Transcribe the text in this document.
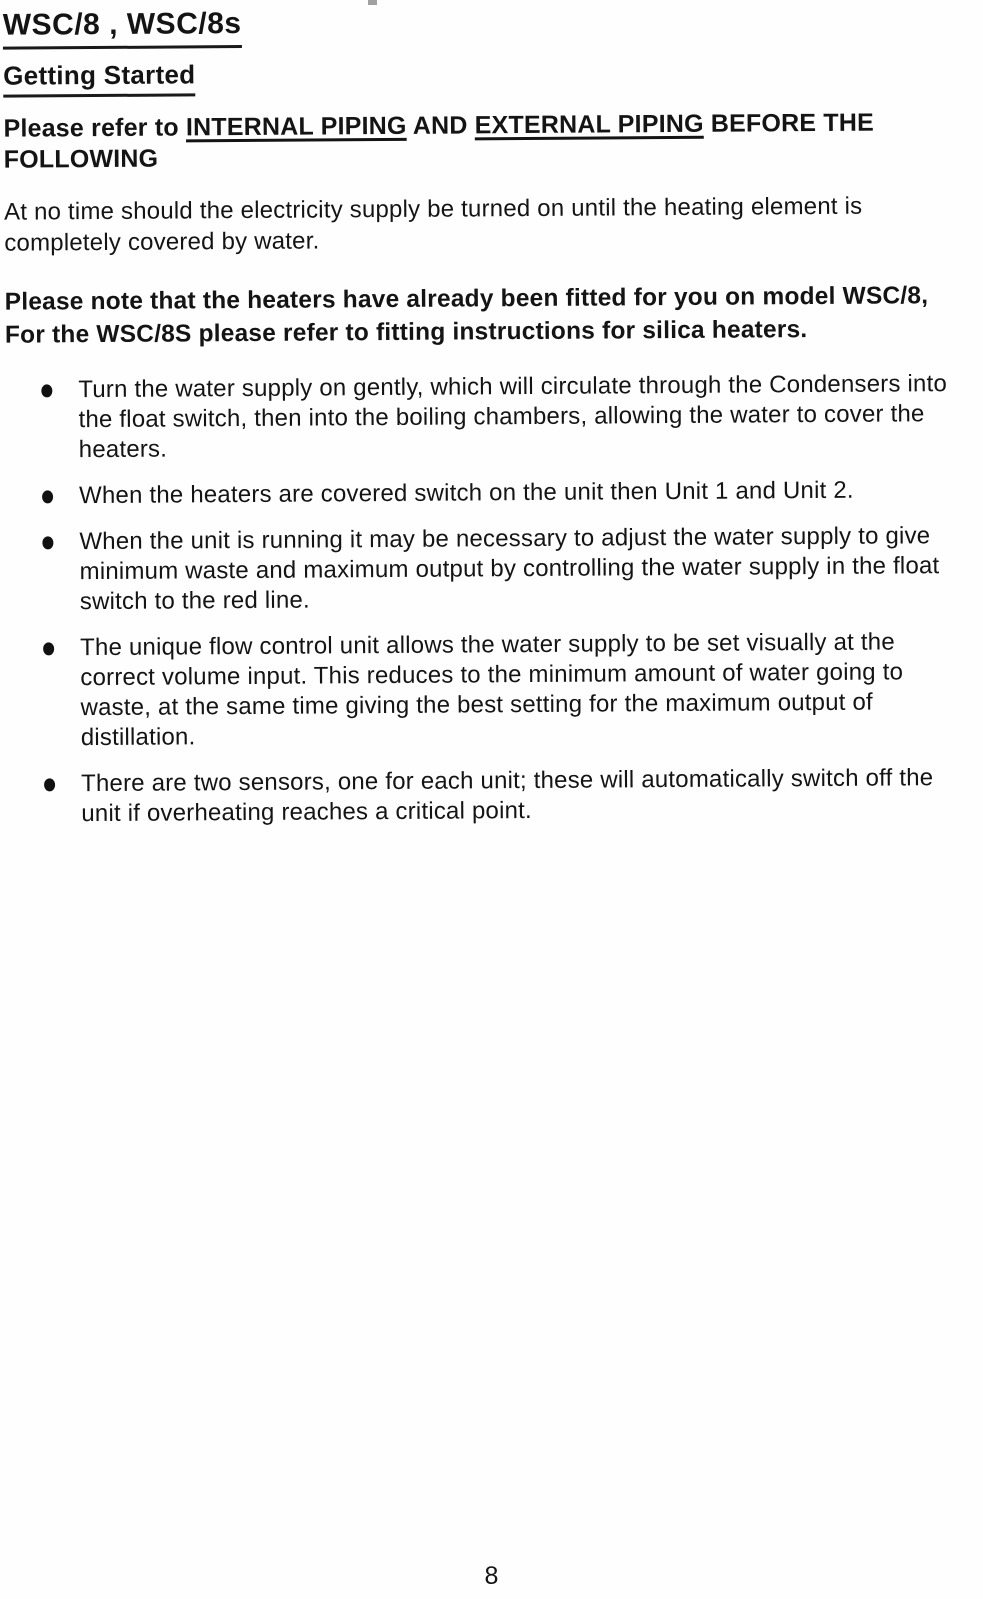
WSC/8 , WSC/8s
Getting Started

Please refer to INTERNAL PIPING AND EXTERNAL PIPING BEFORE THE FOLLOWING

At no time should the electricity supply be turned on until the heating element is completely covered by water.

Please note that the heaters have already been fitted for you on model WSC/8, For the WSC/8S please refer to fitting instructions for silica heaters.

Turn the water supply on gently, which will circulate through the Condensers into the float switch, then into the boiling chambers, allowing the water to cover the heaters.
When the heaters are covered switch on the unit then Unit 1 and Unit 2.
When the unit is running it may be necessary to adjust the water supply to give minimum waste and maximum output by controlling the water supply in the float switch to the red line.
The unique flow control unit allows the water supply to be set visually at the correct volume input. This reduces to the minimum amount of water going to waste, at the same time giving the best setting for the maximum output of distillation.
There are two sensors, one for each unit; these will automatically switch off the unit if overheating reaches a critical point.
8
